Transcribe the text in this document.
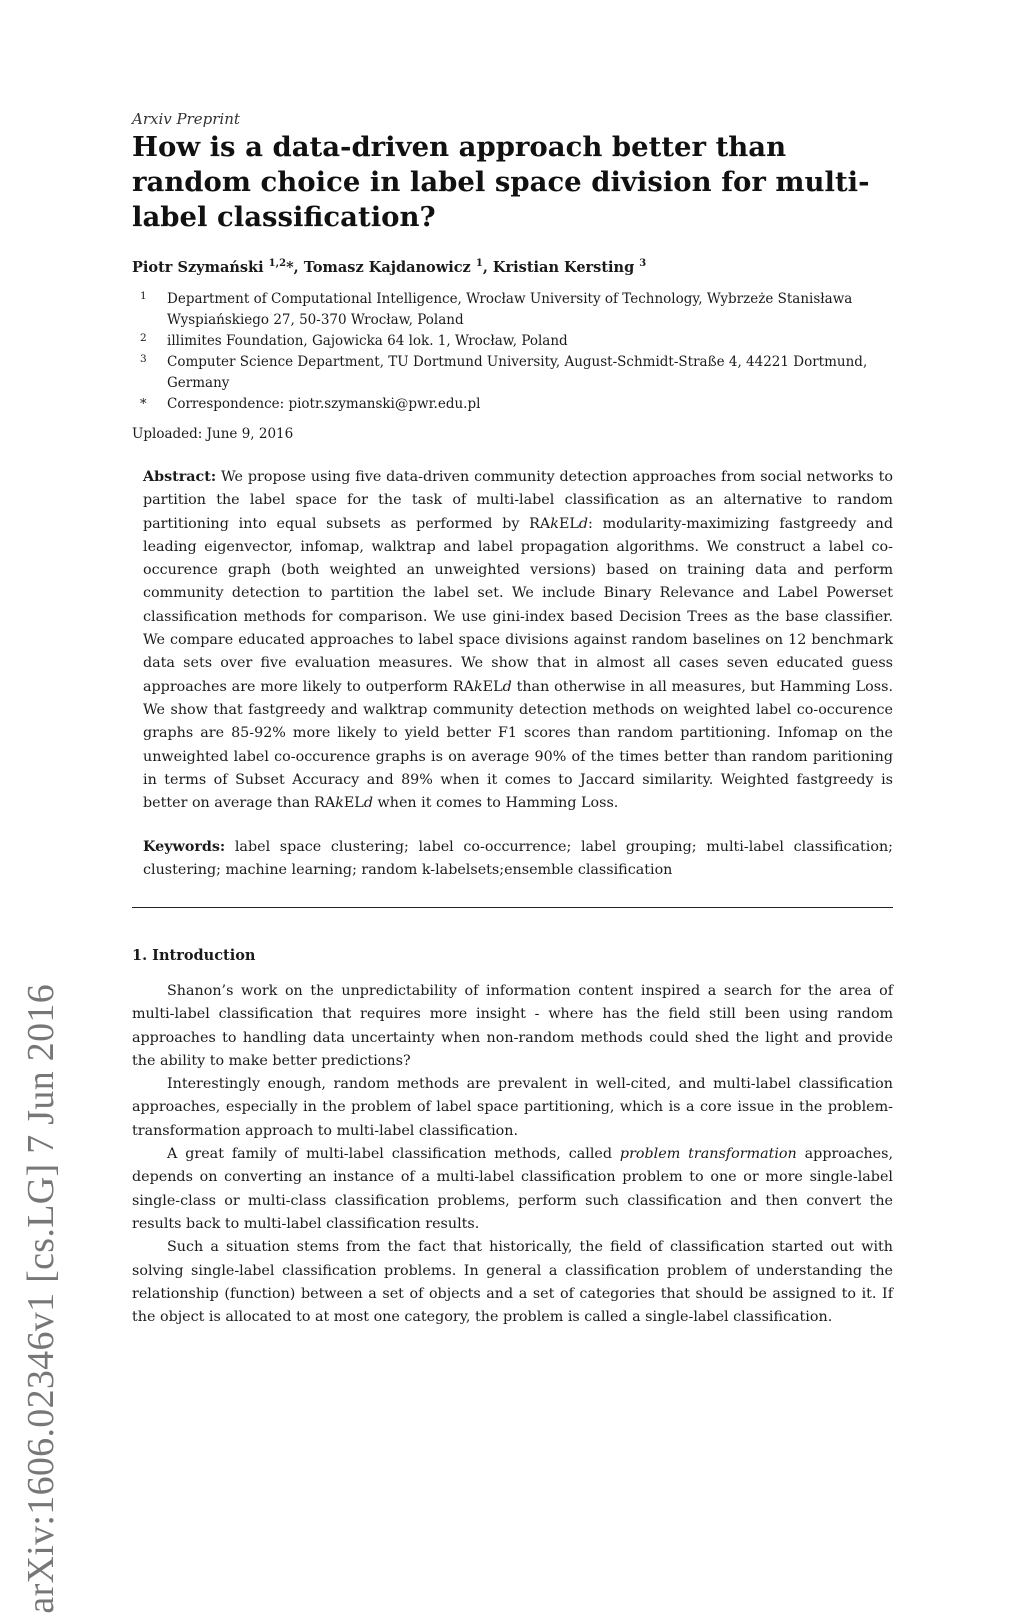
arXiv:1606.02346v1 [cs.LG] 7 Jun 2016
Arxiv Preprint
How is a data-driven approach better than random choice in label space division for multi-label classification?
Piotr Szymański $^{1,2}$*, Tomasz Kajdanowicz $^1$, Kristian Kersting $^3$
1 Department of Computational Intelligence, Wrocław University of Technology, Wybrzeże Stanisława Wyspiańskiego 27, 50-370 Wrocław, Poland
2 illimites Foundation, Gajowicka 64 lok. 1, Wrocław, Poland
3 Computer Science Department, TU Dortmund University, August-Schmidt-Straße 4, 44221 Dortmund, Germany
* Correspondence: piotr.szymanski@pwr.edu.pl
Uploaded: June 9, 2016
Abstract: We propose using five data-driven community detection approaches from social networks to partition the label space for the task of multi-label classification as an alternative to random partitioning into equal subsets as performed by RAkELd: modularity-maximizing fastgreedy and leading eigenvector, infomap, walktrap and label propagation algorithms. We construct a label co-occurence graph (both weighted an unweighted versions) based on training data and perform community detection to partition the label set. We include Binary Relevance and Label Powerset classification methods for comparison. We use gini-index based Decision Trees as the base classifier. We compare educated approaches to label space divisions against random baselines on 12 benchmark data sets over five evaluation measures. We show that in almost all cases seven educated guess approaches are more likely to outperform RAkELd than otherwise in all measures, but Hamming Loss. We show that fastgreedy and walktrap community detection methods on weighted label co-occurence graphs are 85-92% more likely to yield better F1 scores than random partitioning. Infomap on the unweighted label co-occurence graphs is on average 90% of the times better than random paritioning in terms of Subset Accuracy and 89% when it comes to Jaccard similarity. Weighted fastgreedy is better on average than RAkELd when it comes to Hamming Loss.
Keywords: label space clustering; label co-occurrence; label grouping; multi-label classification; clustering; machine learning; random k-labelsets;ensemble classification
1. Introduction

Shanon’s work on the unpredictability of information content inspired a search for the area of multi-label classification that requires more insight - where has the field still been using random approaches to handling data uncertainty when non-random methods could shed the light and provide the ability to make better predictions?

Interestingly enough, random methods are prevalent in well-cited, and multi-label classification approaches, especially in the problem of label space partitioning, which is a core issue in the problem-transformation approach to multi-label classification.

A great family of multi-label classification methods, called problem transformation approaches, depends on converting an instance of a multi-label classification problem to one or more single-label single-class or multi-class classification problems, perform such classification and then convert the results back to multi-label classification results.

Such a situation stems from the fact that historically, the field of classification started out with solving single-label classification problems. In general a classification problem of understanding the relationship (function) between a set of objects and a set of categories that should be assigned to it. If the object is allocated to at most one category, the problem is called a single-label classification.
